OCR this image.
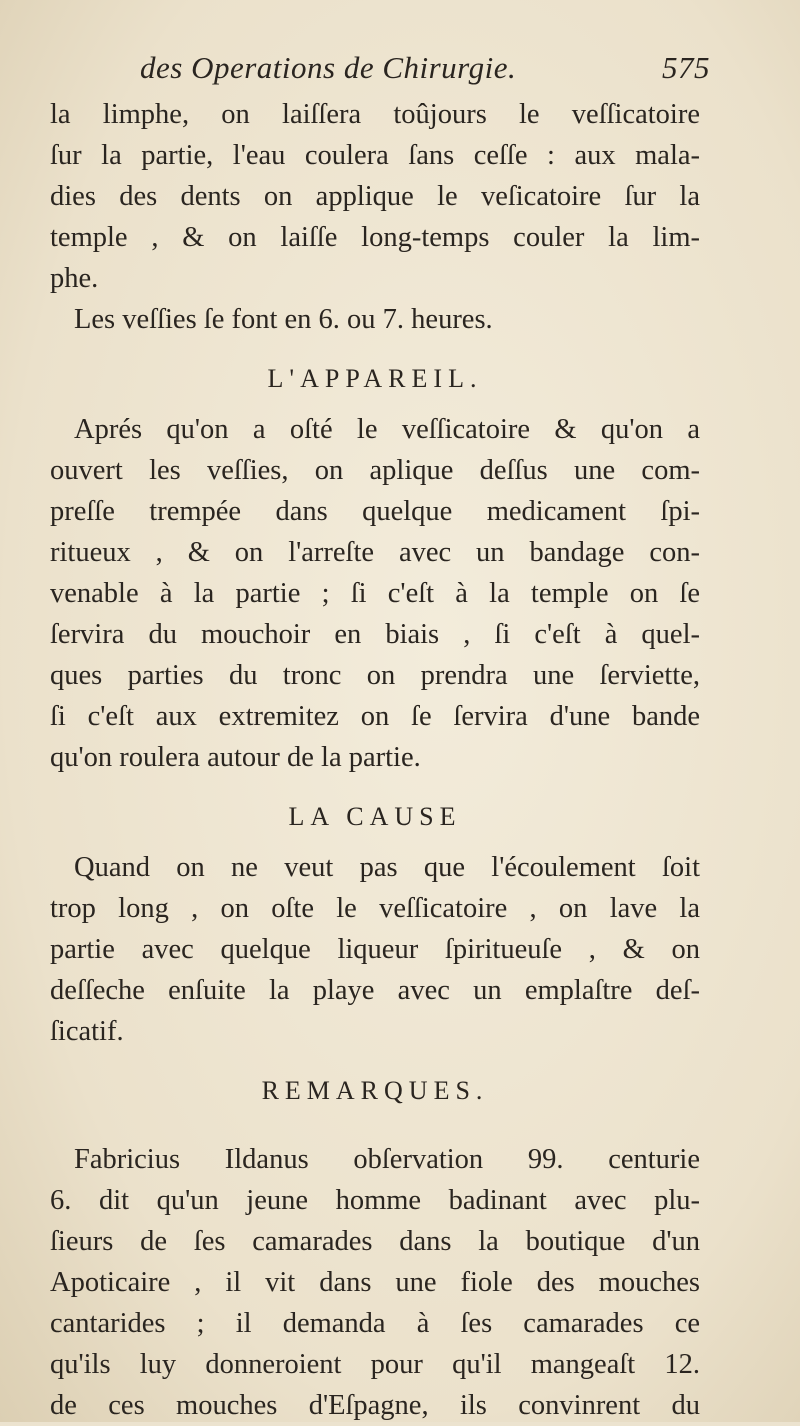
des Operations de Chirurgie.	575

la limphe, on laiſſera toûjours le veſſicatoire
ſur la partie, l'eau coulera ſans ceſſe : aux mala-
dies des dents on applique le veſicatoire ſur la
temple , & on laiſſe long-temps couler la lim-
phe.

Les veſſies ſe font en 6. ou 7. heures.

L'APPAREIL.

Aprés qu'on a oſté le veſſicatoire & qu'on a
ouvert les veſſies, on aplique deſſus une com-
preſſe trempée dans quelque medicament ſpi-
ritueux , & on l'arreſte avec un bandage con-
venable à la partie ; ſi c'eſt à la temple on ſe
ſervira du mouchoir en biais , ſi c'eſt à quel-
ques parties du tronc on prendra une ſerviette,
ſi c'eſt aux extremitez on ſe ſervira d'une bande
qu'on roulera autour de la partie.

LA CAUSE

Quand on ne veut pas que l'écoulement ſoit
trop long , on oſte le veſſicatoire , on lave la
partie avec quelque liqueur ſpiritueuſe , & on
deſſeche enſuite la playe avec un emplaſtre deſ-
ſicatif.

REMARQUES.

Fabricius Ildanus obſervation 99. centurie
6. dit qu'un jeune homme badinant avec plu-
ſieurs de ſes camarades dans la boutique d'un
Apoticaire , il vit dans une fiole des mouches
cantarides ; il demanda à ſes camarades ce
qu'ils luy donneroient pour qu'il mangeaſt 12.
de ces mouches d'Eſpagne, ils convinrent du
